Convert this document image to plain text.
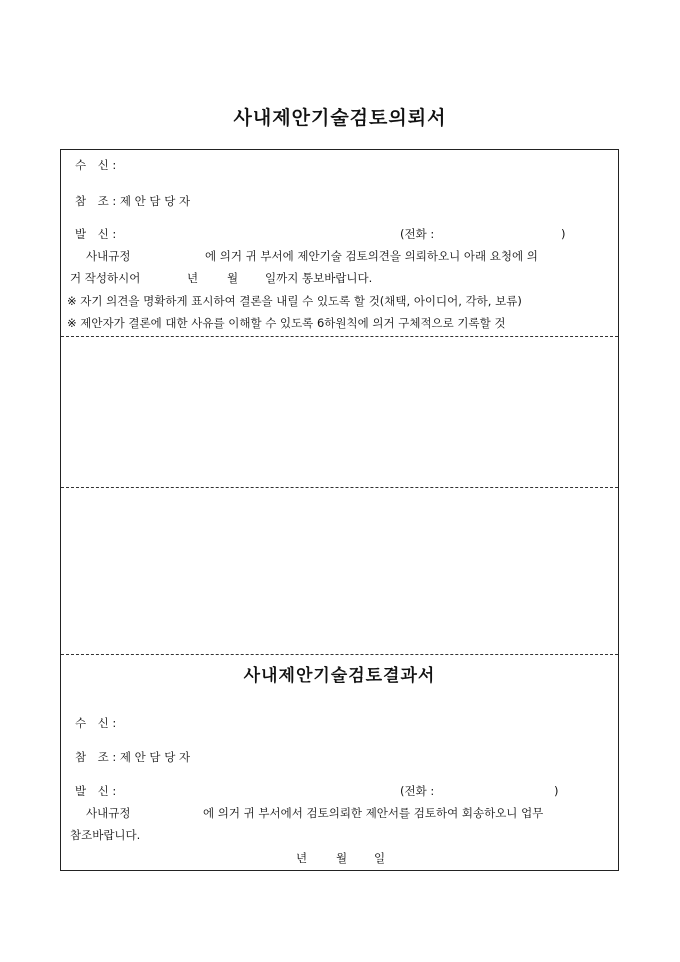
사내제안기술검토의뢰서
수　신 :
참　조 : 제 안 담 당 자
발　신 :	(전화 :	)
사내규정	에 의거 귀 부서에 제안기술 검토의견을 의뢰하오니 아래 요청에 의
거 작성하시어	년	월 일까지 통보바랍니다.
※ 자기 의견을 명확하게 표시하여 결론을 내릴 수 있도록 할 것(채택, 아이디어, 각하, 보류)
※ 제안자가 결론에 대한 사유를 이해할 수 있도록 6하원칙에 의거 구체적으로 기록할 것
사내제안기술검토결과서
수　신 :
참　조 : 제 안 담 당 자
발　신 :	(전화 :	)
사내규정	에 의거 귀 부서에서 검토의뢰한 제안서를 검토하여 회송하오니 업무
참조바랍니다.
년	월 일
